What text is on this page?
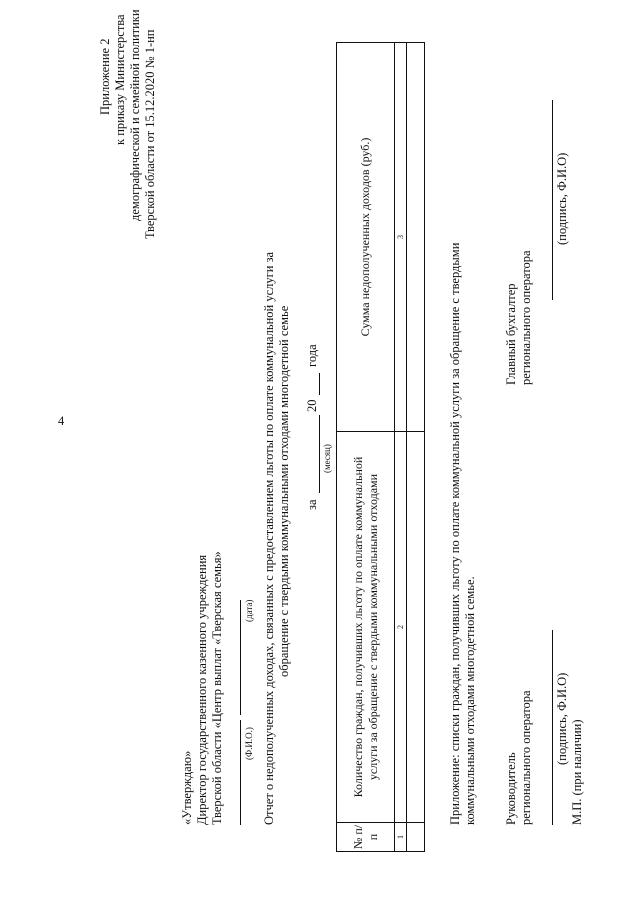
4
Приложение 2 к приказу Министерства демографической и семейной политики Тверской области от 15.12.2020 № 1-нп
«Утверждаю» Директор государственного казенного учреждения Тверской области «Центр выплат «Тверская семья» (Ф.И.О.)
(дата) Отчет о недополученных доходах, связанных с предоставлением льготы по оплате коммунальной услуги за обращение с твердыми коммунальными отходами многодетной семье за
20
года
(месяц)
№ п/п	Количество граждан, получивших льготу по оплате коммунальной услуги за обращение с твердыми коммунальными отходами	Сумма недополученных доходов (руб.)
1	2	3

Приложение: списки граждан, получивших льготу по оплате коммунальной услуги за обращение с твердыми коммунальными отходами многодетной семье. Руководитель регионального оператора (подпись, Ф.И.О)
М.П. (при наличии)
Главный бухгалтер регионального оператора
(подпись, Ф.И.О)
